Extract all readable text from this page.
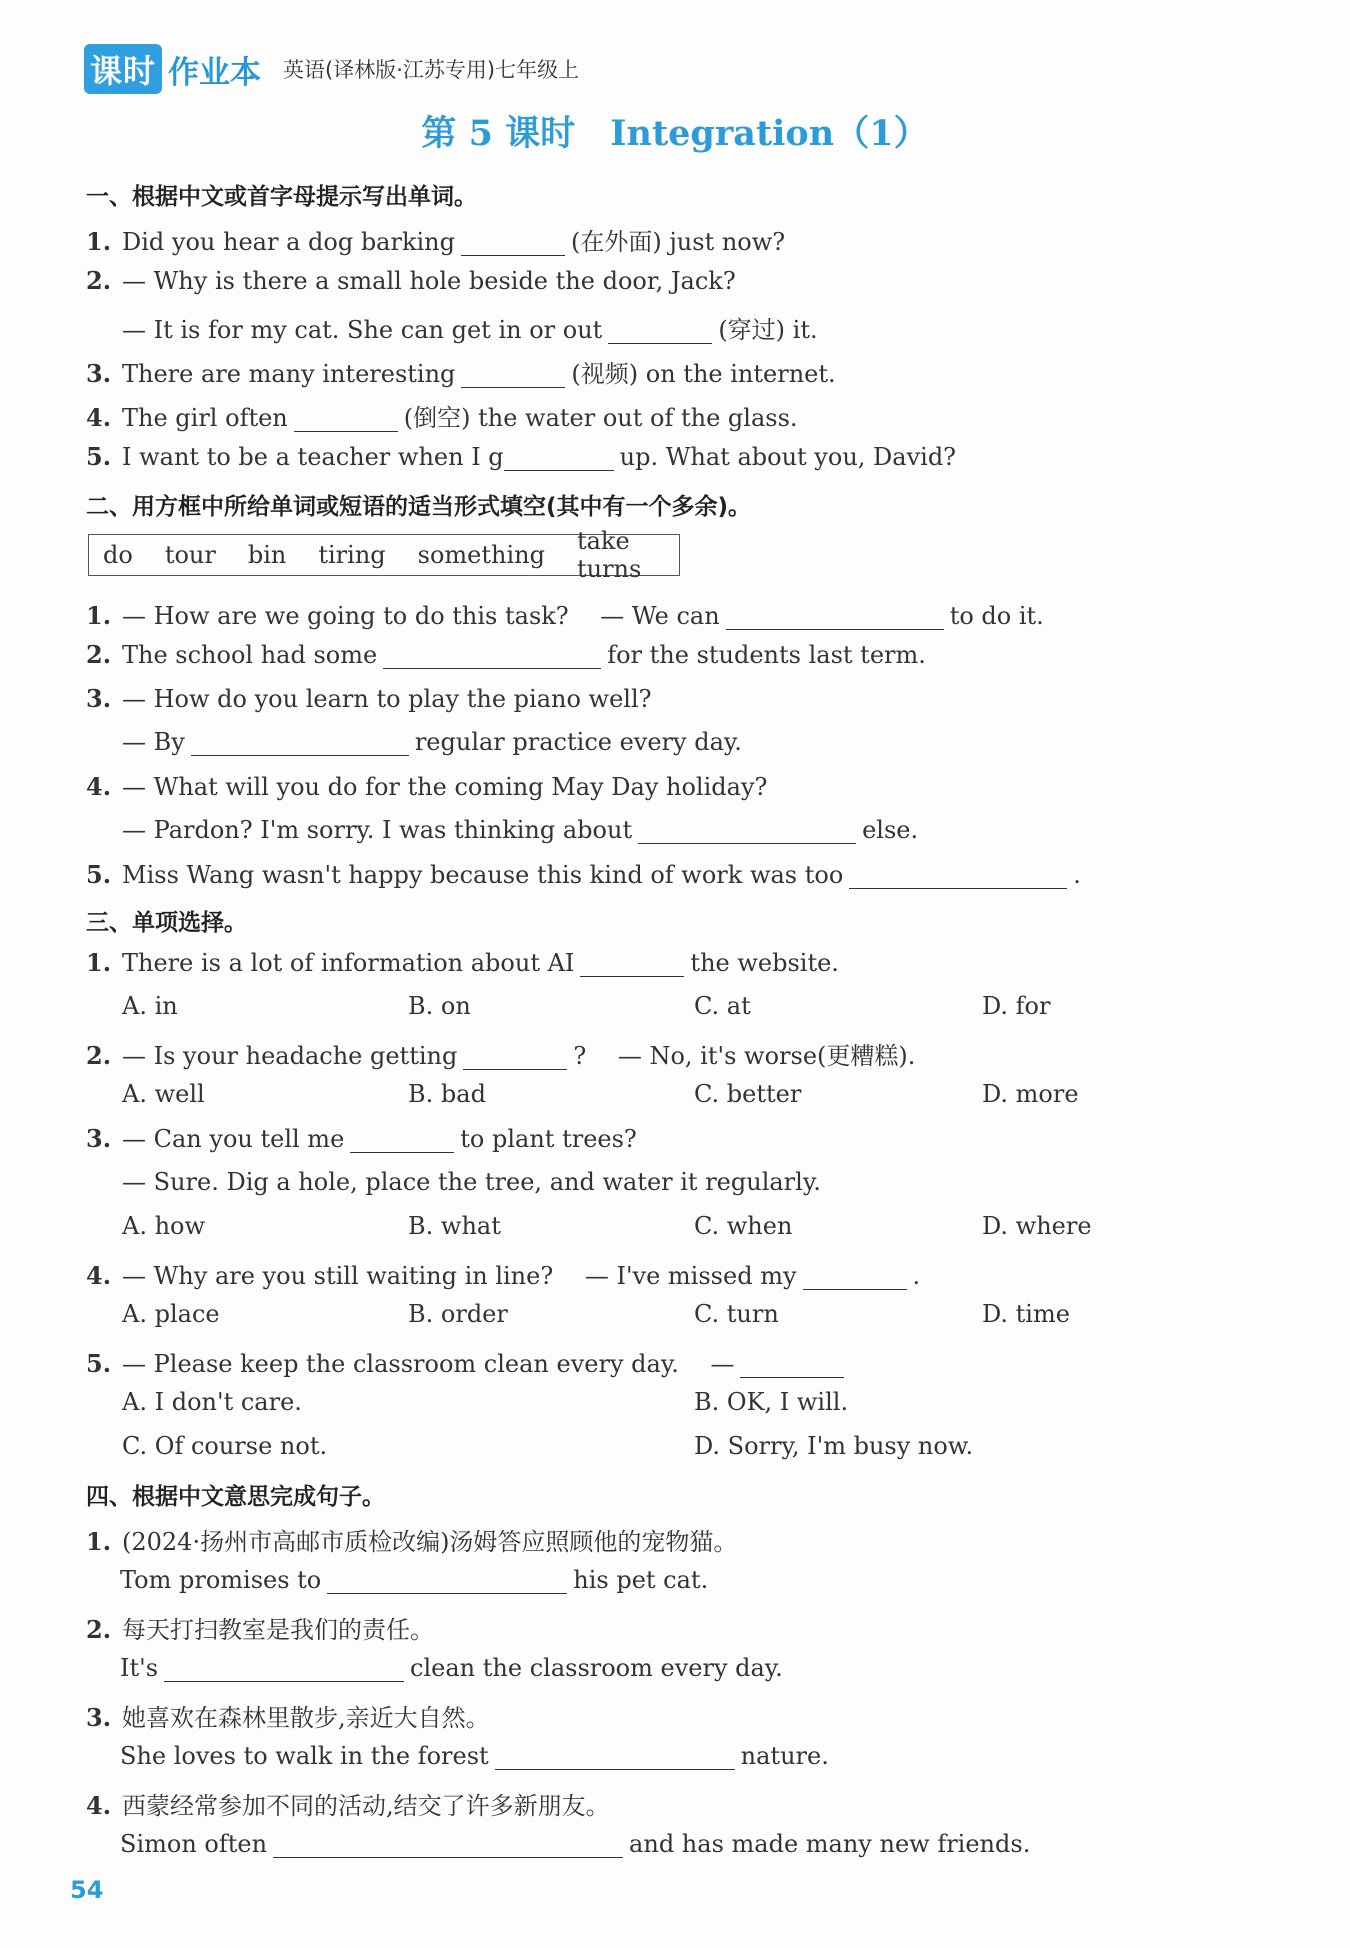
课时 作业本 英语(译林版·江苏专用)七年级上
第 5 课时　Integration（1）
一、根据中文或首字母提示写出单词。
1. Did you hear a dog barking	(在外面) just now?
2. — Why is there a small hole beside the door, Jack?
— It is for my cat. She can get in or out	(穿过) it.
3. There are many interesting	(视频) on the internet.
4. The girl often	(倒空) the water out of the glass.
5. I want to be a teacher when I g	up. What about you, David?
二、用方框中所给单词或短语的适当形式填空(其中有一个多余)。
do tour bin tiring something take turns
1. — How are we going to do this task?　 — We can	to do it.
2. The school had some	for the students last term.
3. — How do you learn to play the piano well?
— By	regular practice every day.
4. — What will you do for the coming May Day holiday?
— Pardon? I'm sorry. I was thinking about	else.
5. Miss Wang wasn't happy because this kind of work was too	.
三、单项选择。
1. There is a lot of information about AI	the website.
A. in	B. on	C. at	D. for
2. — Is your headache getting	?　 — No, it's worse(更糟糕).
A. well	B. bad	C. better	D. more
3. — Can you tell me	to plant trees?
— Sure. Dig a hole, place the tree, and water it regularly.
A. how	B. what	C. when	D. where
4. — Why are you still waiting in line?　 — I've missed my	.
A. place	B. order	C. turn	D. time
5. — Please keep the classroom clean every day.　 —
A. I don't care.	B. OK, I will.
C. Of course not.	D. Sorry, I'm busy now.
四、根据中文意思完成句子。
1. (2024·扬州市高邮市质检改编)汤姆答应照顾他的宠物猫。
Tom promises to	his pet cat.
2. 每天打扫教室是我们的责任。
It's	clean the classroom every day.
3. 她喜欢在森林里散步,亲近大自然。
She loves to walk in the forest	nature.
4. 西蒙经常参加不同的活动,结交了许多新朋友。
Simon often	and has made many new friends.
54
